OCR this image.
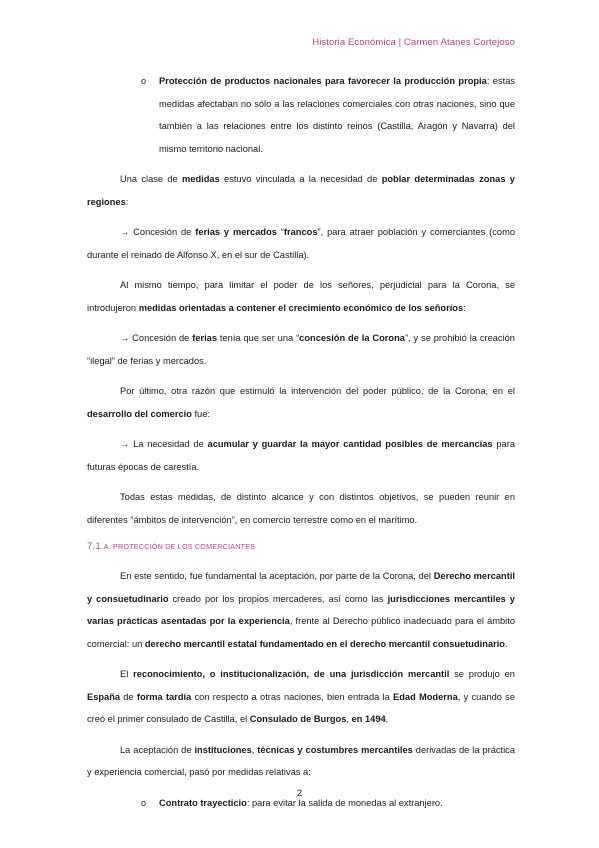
Historia Económica | Carmen Atanes Cortejoso

o Protección de productos nacionales para favorecer la producción propia: estas medidas afectaban no sólo a las relaciones comerciales con otras naciones, sino que también a las relaciones entre los distinto reinos (Castilla, Aragón y Navarra) del mismo territorio nacional.

Una clase de medidas estuvo vinculada a la necesidad de poblar determinadas zonas y regiones:

→ Concesión de ferias y mercados “francos”, para atraer población y comerciantes (como durante el reinado de Alfonso X, en el sur de Castilla).

Al mismo tiempo, para limitar el poder de los señores, perjudicial para la Corona, se introdujeron medidas orientadas a contener el crecimiento económico de los señoríos:

→ Concesión de ferias tenía que ser una “concesión de la Corona”, y se prohibió la creación “ilegal” de ferias y mercados.

Por último, otra razón que estimuló la intervención del poder público, de la Corona, en el desarrollo del comercio fue:

→ La necesidad de acumular y guardar la mayor cantidad posibles de mercancías para futuras épocas de carestía.

Todas estas medidas, de distinto alcance y con distintos objetivos, se pueden reunir en diferentes “ámbitos de intervención”, en comercio terrestre como en el marítimo.

7.1.A. PROTECCIÓN DE LOS COMERCIANTES

En este sentido, fue fundamental la aceptación, por parte de la Corona, del Derecho mercantil y consuetudinario creado por los propios mercaderes, así como las jurisdicciones mercantiles y varias prácticas asentadas por la experiencia, frente al Derecho público inadecuado para el ámbito comercial: un derecho mercantil estatal fundamentado en el derecho mercantil consuetudinario.

El reconocimiento, o institucionalización, de una jurisdicción mercantil se produjo en España de forma tardía con respecto a otras naciones, bien entrada la Edad Moderna, y cuando se creó el primer consulado de Castilla, el Consulado de Burgos, en 1494.

La aceptación de instituciones, técnicas y costumbres mercantiles derivadas de la práctica y experiencia comercial, pasó por medidas relativas a:

o Contrato trayecticio: para evitar la salida de monedas al extranjero.

2
